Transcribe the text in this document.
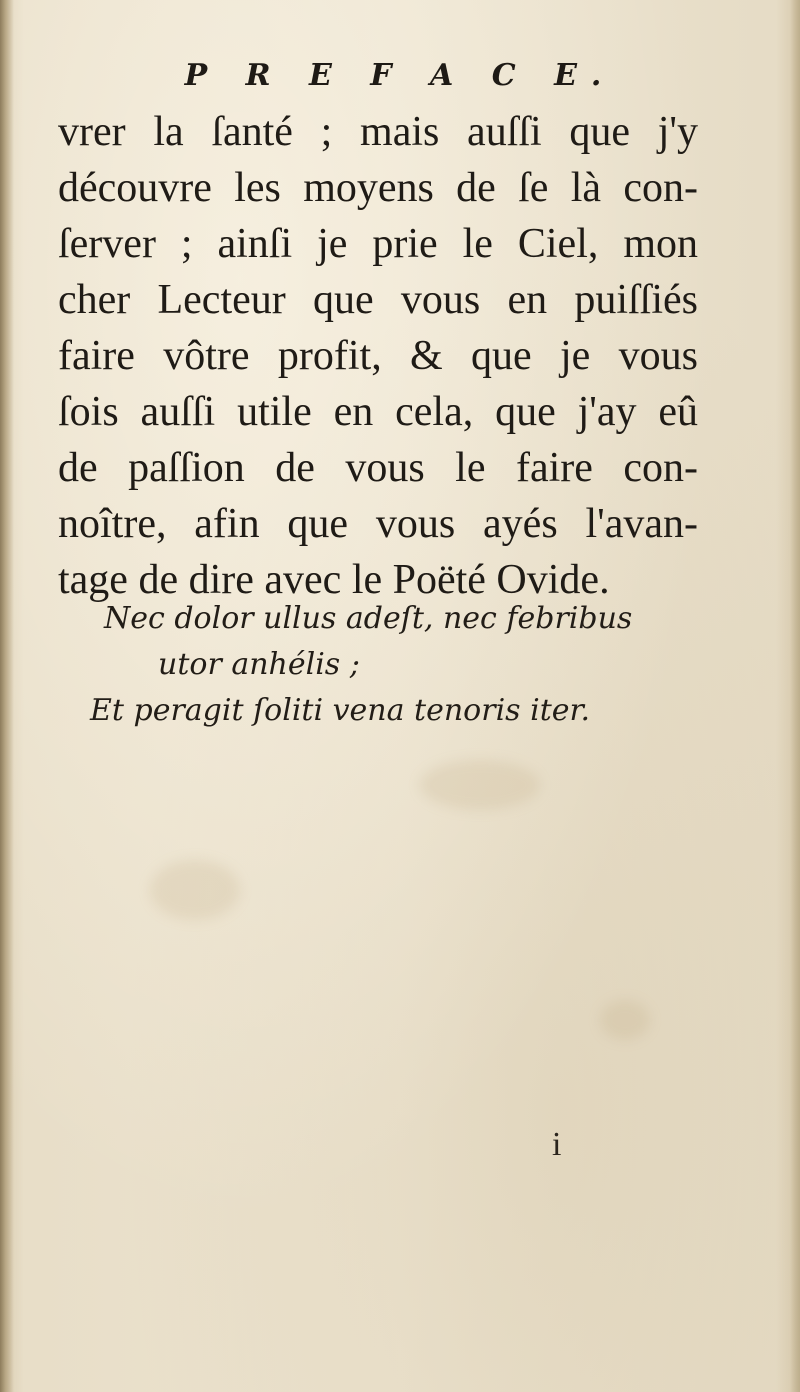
P R E F A C E.
vrer la ſanté ; mais auſſi que j'y
découvre les moyens de ſe là con-
ſerver ; ainſi je prie le Ciel, mon
cher Lecteur que vous en puiſſiés
faire vôtre profit, & que je vous
ſois auſſi utile en cela, que j'ay eû
de paſſion de vous le faire con-
noître, afin que vous ayés l'avan-
tage de dire avec le Poëté Ovide.
Nec dolor ullus adeſt, nec febribus
utor anhélis ;
Et peragit ſoliti vena tenoris iter.
i
